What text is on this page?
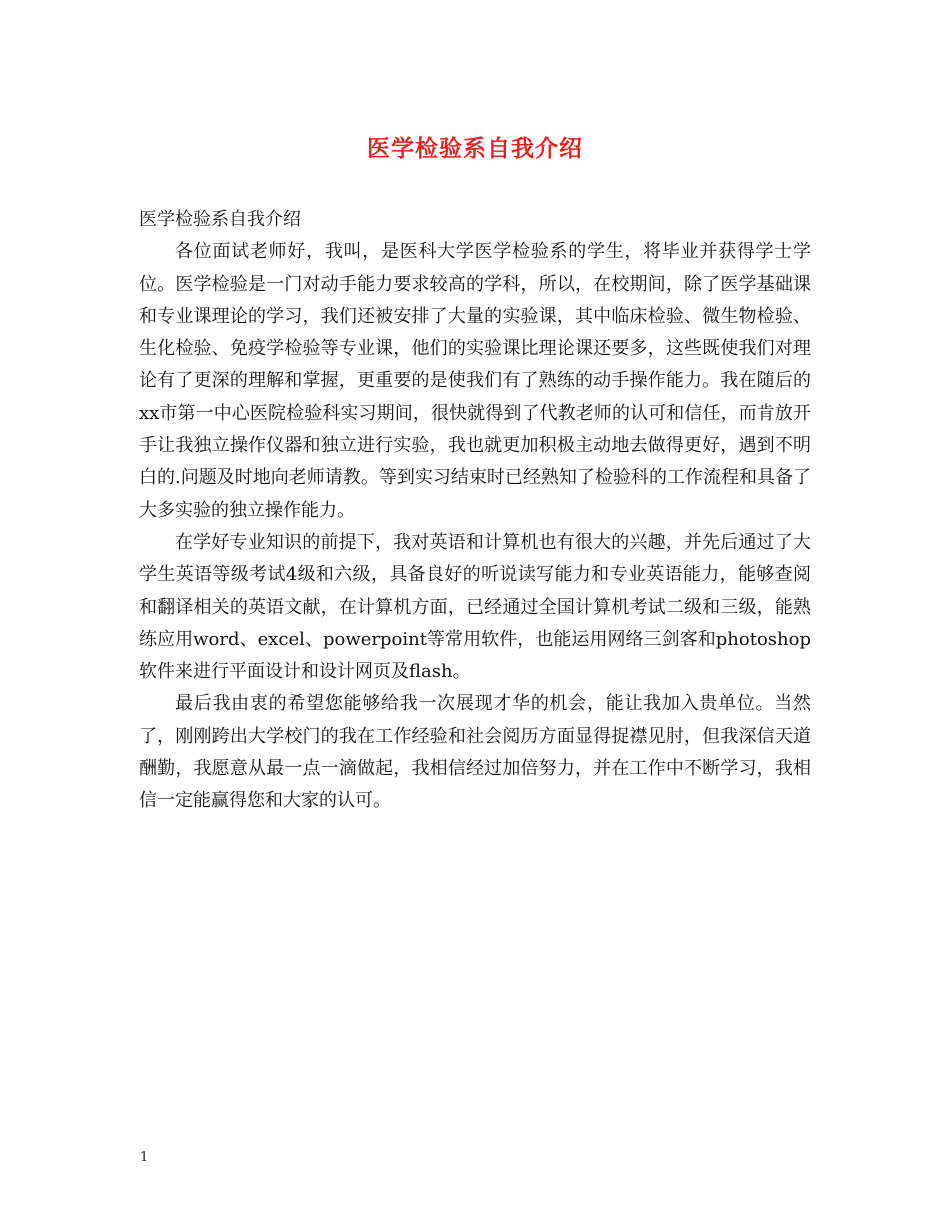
医学检验系自我介绍

医学检验系自我介绍

各位面试老师好，我叫，是医科大学医学检验系的学生，将毕业并获得学士学位。医学检验是一门对动手能力要求较高的学科，所以，在校期间，除了医学基础课和专业课理论的学习，我们还被安排了大量的实验课，其中临床检验、微生物检验、生化检验、免疫学检验等专业课，他们的实验课比理论课还要多，这些既使我们对理论有了更深的理解和掌握，更重要的是使我们有了熟练的动手操作能力。我在随后的xx市第一中心医院检验科实习期间，很快就得到了代教老师的认可和信任，而肯放开手让我独立操作仪器和独立进行实验，我也就更加积极主动地去做得更好，遇到不明白的.问题及时地向老师请教。等到实习结束时已经熟知了检验科的工作流程和具备了大多实验的独立操作能力。

在学好专业知识的前提下，我对英语和计算机也有很大的兴趣，并先后通过了大学生英语等级考试4级和六级，具备良好的听说读写能力和专业英语能力，能够查阅和翻译相关的英语文献，在计算机方面，已经通过全国计算机考试二级和三级，能熟练应用word、excel、powerpoint等常用软件，也能运用网络三剑客和photoshop软件来进行平面设计和设计网页及flash。

最后我由衷的希望您能够给我一次展现才华的机会，能让我加入贵单位。当然了，刚刚跨出大学校门的我在工作经验和社会阅历方面显得捉襟见肘，但我深信天道酬勤，我愿意从最一点一滴做起，我相信经过加倍努力，并在工作中不断学习，我相信一定能赢得您和大家的认可。

1
